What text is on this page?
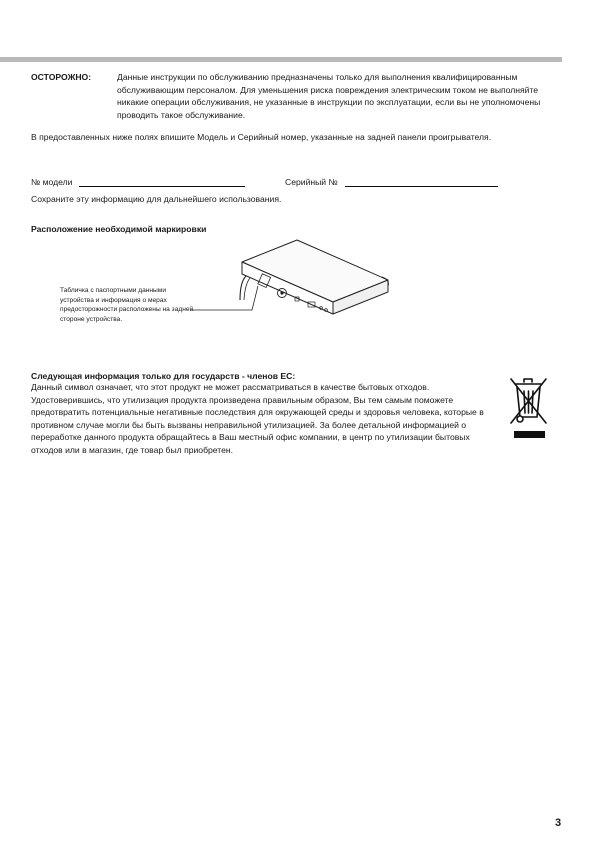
ОСТОРОЖНО:	Данные инструкции по обслуживанию предназначены только для выполнения квалифицированным обслуживающим персоналом. Для уменьшения риска повреждения электрическим током не выполняйте никакие операции обслуживания, не указанные в инструкции по эксплуатации, если вы не уполномочены проводить такое обслуживание.

В предоставленных ниже полях впишите Модель и Серийный номер, указанные на задней панели проигрывателя.

№ модели	Серийный №

Сохраните эту информацию для дальнейшего использования.

Расположение необходимой маркировки

Табличка с паспортными данными устройства и информация о мерах предосторожности расположены на задней стороне устройства.

Следующая информация только для государств - членов ЕС:

Данный символ означает, что этот продукт не может рассматриваться в качестве бытовых отходов. Удостоверившись, что утилизация продукта произведена правильным образом, Вы тем самым поможете предотвратить потенциальные негативные последствия для окружающей среды и здоровья человека, которые в противном случае могли бы быть вызваны неправильной утилизацией. За более детальной информацией о переработке данного продукта обращайтесь в Ваш местный офис компании, в центр по утилизации бытовых отходов или в магазин, где товар был приобретен.

3
